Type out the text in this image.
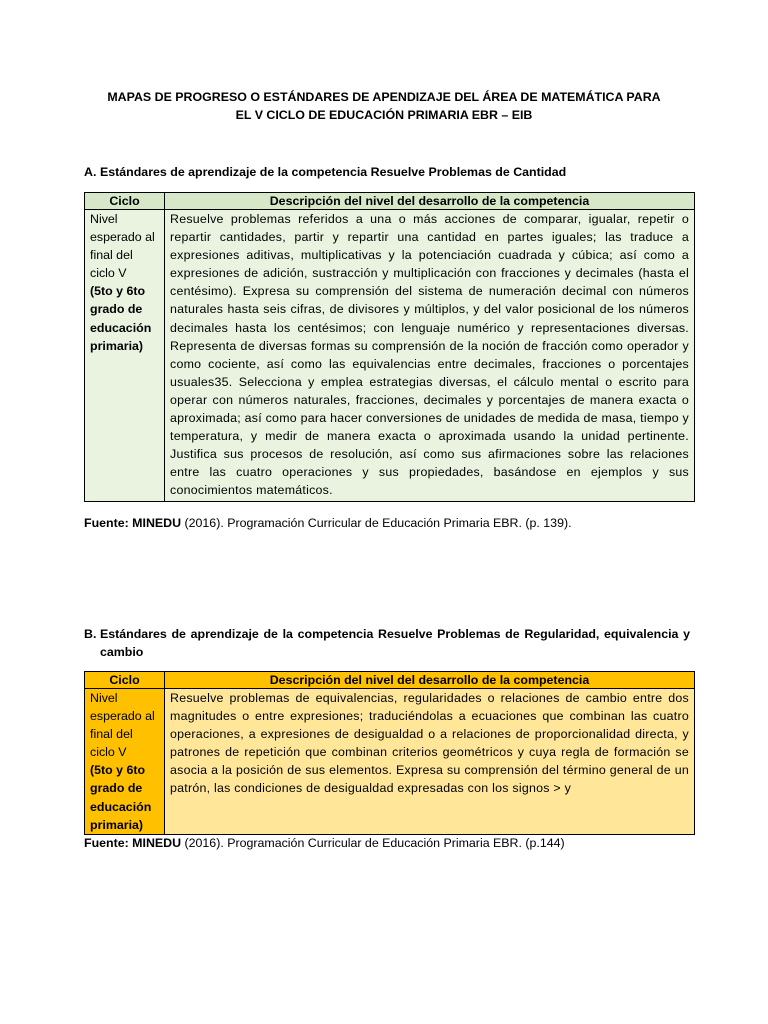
MAPAS DE PROGRESO O ESTÁNDARES DE APENDIZAJE DEL ÁREA DE MATEMÁTICA PARA
EL V CICLO DE EDUCACIÓN PRIMARIA EBR – EIB
A. Estándares de aprendizaje de la competencia Resuelve Problemas de Cantidad
Ciclo	Descripción del nivel del desarrollo de la competencia

Nivel esperado al final del ciclo V
(5to y 6to grado de educación primaria)	Resuelve problemas referidos a una o más acciones de comparar, igualar, repetir o repartir cantidades, partir y repartir una cantidad en partes iguales; las traduce a expresiones aditivas, multiplicativas y la potenciación cuadrada y cúbica; así como a expresiones de adición, sustracción y multiplicación con fracciones y decimales (hasta el centésimo). Expresa su comprensión del sistema de numeración decimal con números naturales hasta seis cifras, de divisores y múltiplos, y del valor posicional de los números decimales hasta los centésimos; con lenguaje numérico y representaciones diversas. Representa de diversas formas su comprensión de la noción de fracción como operador y como cociente, así como las equivalencias entre decimales, fracciones o porcentajes usuales35. Selecciona y emplea estrategias diversas, el cálculo mental o escrito para operar con números naturales, fracciones, decimales y porcentajes de manera exacta o aproximada; así como para hacer conversiones de unidades de medida de masa, tiempo y temperatura, y medir de manera exacta o aproximada usando la unidad pertinente. Justifica sus procesos de resolución, así como sus afirmaciones sobre las relaciones entre las cuatro operaciones y sus propiedades, basándose en ejemplos y sus conocimientos matemáticos.
Fuente: MINEDU (2016). Programación Curricular de Educación Primaria EBR. (p. 139).
B. Estándares de aprendizaje de la competencia Resuelve Problemas de Regularidad, equivalencia y cambio
Ciclo	Descripción del nivel del desarrollo de la competencia

Nivel esperado al final del ciclo V
(5to y 6to grado de educación primaria)	Resuelve problemas de equivalencias, regularidades o relaciones de cambio entre dos magnitudes o entre expresiones; traduciéndolas a ecuaciones que combinan las cuatro operaciones, a expresiones de desigualdad o a relaciones de proporcionalidad directa, y patrones de repetición que combinan criterios geométricos y cuya regla de formación se asocia a la posición de sus elementos. Expresa su comprensión del término general de un patrón, las condiciones de desigualdad expresadas con los signos > y
Fuente: MINEDU (2016). Programación Curricular de Educación Primaria EBR. (p.144)
